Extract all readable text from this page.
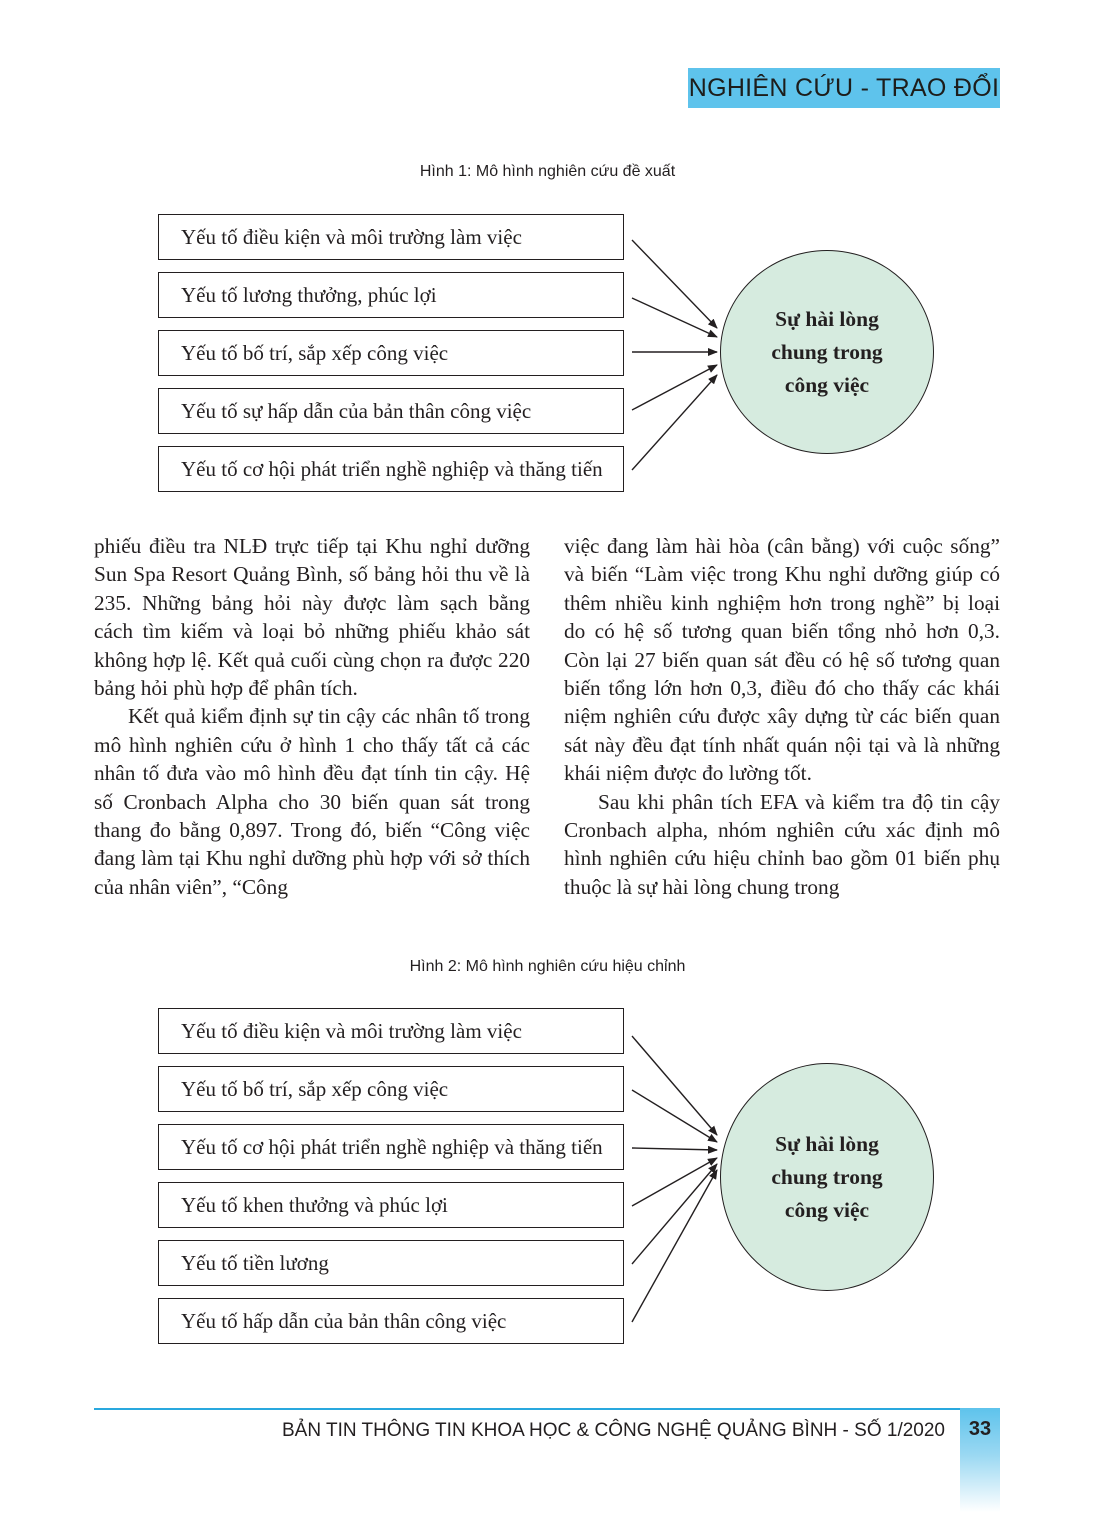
NGHIÊN CỨU - TRAO ĐỔI
Hình 1: Mô hình nghiên cứu đề xuất
Yếu tố điều kiện và môi trường làm việc
Yếu tố lương thưởng, phúc lợi
Yếu tố bố trí, sắp xếp công việc
Yếu tố sự hấp dẫn của bản thân công việc
Yếu tố cơ hội phát triển nghề nghiệp và thăng tiến
Sự hài lòng chung trong công việc

phiếu điều tra NLĐ trực tiếp tại Khu nghỉ dưỡng Sun Spa Resort Quảng Bình, số bảng hỏi thu về là 235. Những bảng hỏi này được làm sạch bằng cách tìm kiếm và loại bỏ những phiếu khảo sát không hợp lệ. Kết quả cuối cùng chọn ra được 220 bảng hỏi phù hợp để phân tích.

Kết quả kiểm định sự tin cậy các nhân tố trong mô hình nghiên cứu ở hình 1 cho thấy tất cả các nhân tố đưa vào mô hình đều đạt tính tin cậy. Hệ số Cronbach Alpha cho 30 biến quan sát trong thang đo bằng 0,897. Trong đó, biến “Công việc đang làm tại Khu nghỉ dưỡng phù hợp với sở thích của nhân viên”, “Công

việc đang làm hài hòa (cân bằng) với cuộc sống” và biến “Làm việc trong Khu nghỉ dưỡng giúp có thêm nhiều kinh nghiệm hơn trong nghề” bị loại do có hệ số tương quan biến tổng nhỏ hơn 0,3. Còn lại 27 biến quan sát đều có hệ số tương quan biến tổng lớn hơn 0,3, điều đó cho thấy các khái niệm nghiên cứu được xây dựng từ các biến quan sát này đều đạt tính nhất quán nội tại và là những khái niệm được đo lường tốt.

Sau khi phân tích EFA và kiểm tra độ tin cậy Cronbach alpha, nhóm nghiên cứu xác định mô hình nghiên cứu hiệu chỉnh bao gồm 01 biến phụ thuộc là sự hài lòng chung trong

Hình 2: Mô hình nghiên cứu hiệu chỉnh
Yếu tố điều kiện và môi trường làm việc
Yếu tố bố trí, sắp xếp công việc
Yếu tố cơ hội phát triển nghề nghiệp và thăng tiến
Yếu tố khen thưởng và phúc lợi
Yếu tố tiền lương
Yếu tố hấp dẫn của bản thân công việc
Sự hài lòng chung trong công việc
BẢN TIN THÔNG TIN KHOA HỌC & CÔNG NGHỆ QUẢNG BÌNH - SỐ 1/2020	33
